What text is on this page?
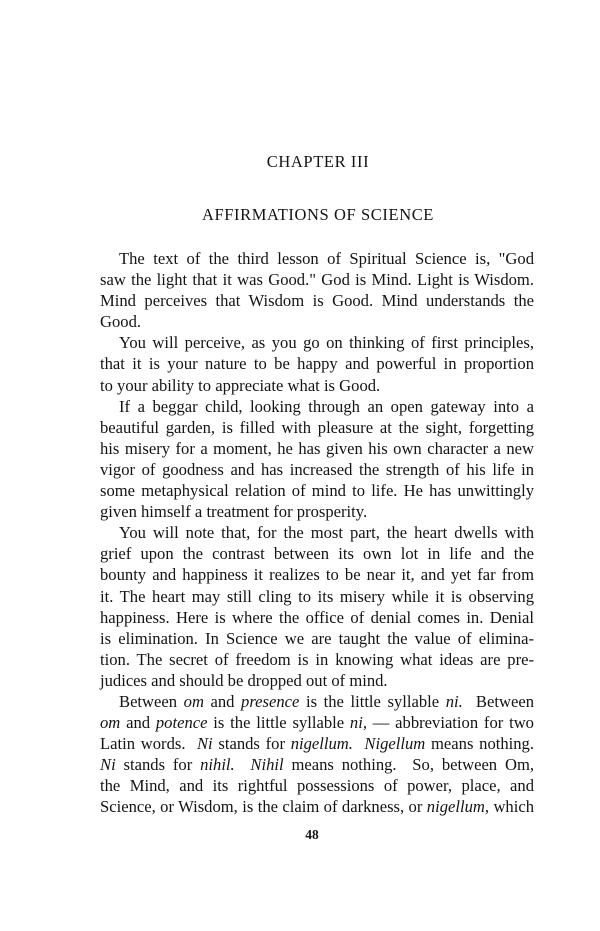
CHAPTER III
AFFIRMATIONS OF SCIENCE
The text of the third lesson of Spiritual Science is, "God
saw the light that it was Good." God is Mind. Light is Wisdom.
Mind perceives that Wisdom is Good. Mind understands the
Good.
You will perceive, as you go on thinking of first principles,
that it is your nature to be happy and powerful in proportion
to your ability to appreciate what is Good.
If a beggar child, looking through an open gateway into a
beautiful garden, is filled with pleasure at the sight, forgetting
his misery for a moment, he has given his own character a new
vigor of goodness and has increased the strength of his life in
some metaphysical relation of mind to life. He has unwittingly
given himself a treatment for prosperity.
You will note that, for the most part, the heart dwells with
grief upon the contrast between its own lot in life and the
bounty and happiness it realizes to be near it, and yet far from
it. The heart may still cling to its misery while it is observing
happiness. Here is where the office of denial comes in. Denial
is elimination. In Science we are taught the value of elimina-
tion. The secret of freedom is in knowing what ideas are pre-
judices and should be dropped out of mind.
Between om and presence is the little syllable ni.  Between
om and potence is the little syllable ni, — abbreviation for two
Latin words.  Ni stands for nigellum. Nigellum means nothing.
Ni stands for nihil. Nihil means nothing.  So, between Om,
the Mind, and its rightful possessions of power, place, and
Science, or Wisdom, is the claim of darkness, or nigellum, which
48
